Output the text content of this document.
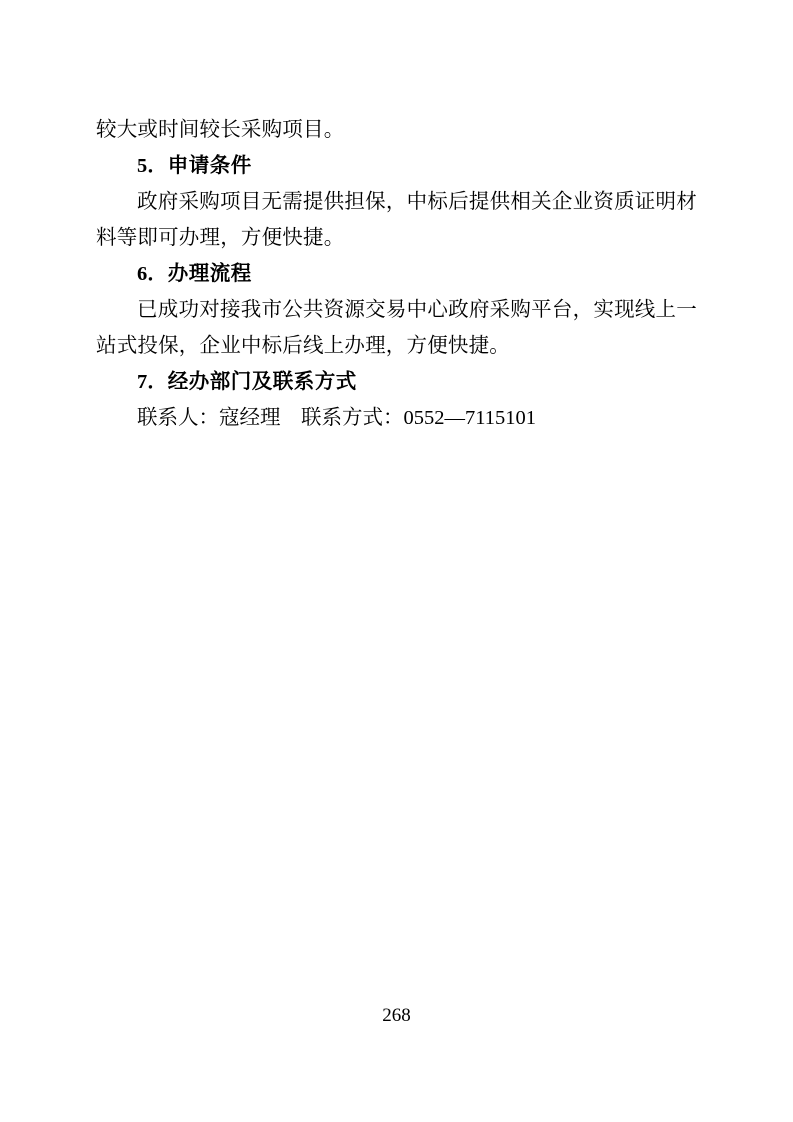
较大或时间较长采购项目。

5．申请条件

政府采购项目无需提供担保，中标后提供相关企业资质证明材料等即可办理，方便快捷。

6．办理流程

已成功对接我市公共资源交易中心政府采购平台，实现线上一站式投保，企业中标后线上办理，方便快捷。

7．经办部门及联系方式

联系人：寇经理　联系方式：0552—7115101

268
